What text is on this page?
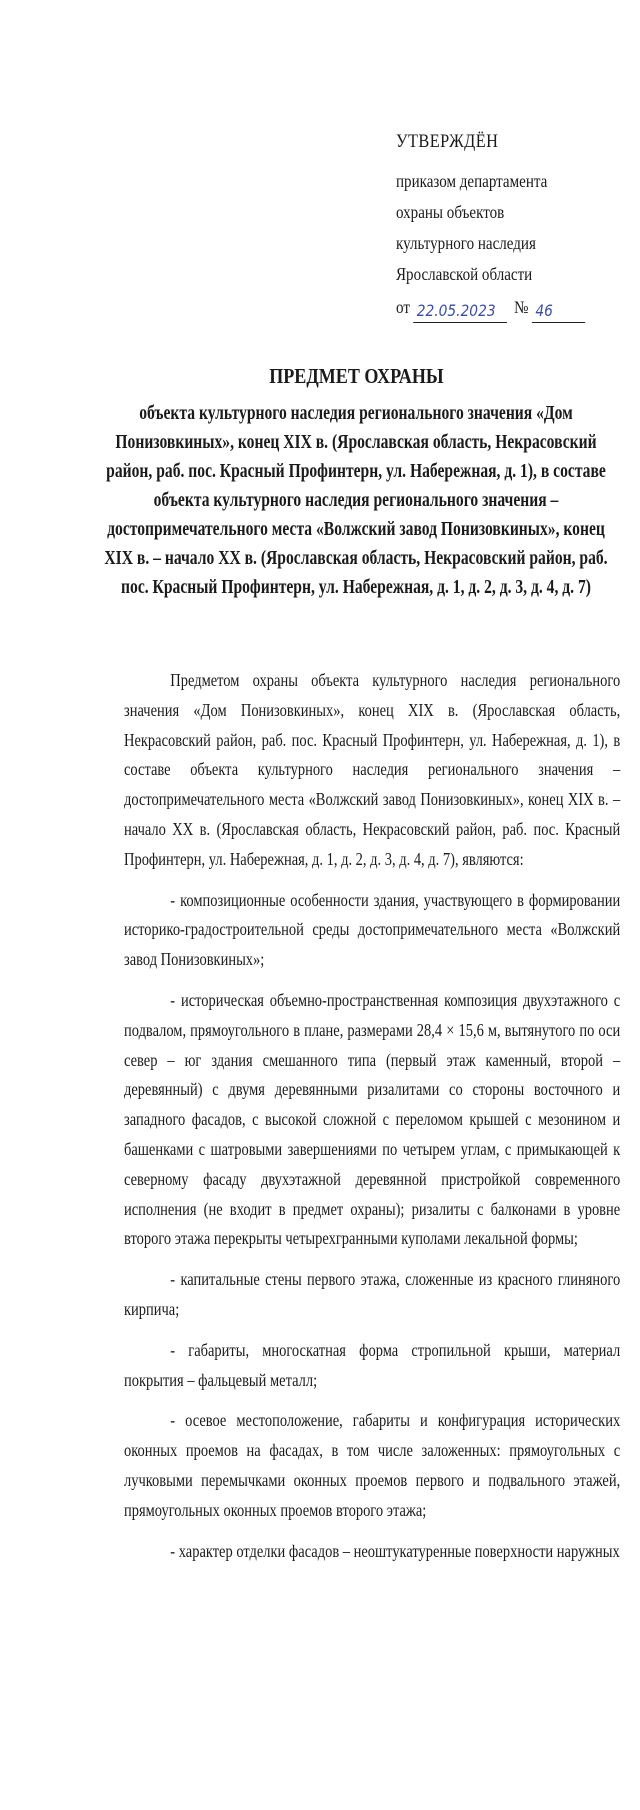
УТВЕРЖДЁН
приказом департамента
охраны объектов
культурного наследия
Ярославской области
от 22.05.2023	№ 46
ПРЕДМЕТ ОХРАНЫ
объекта культурного наследия регионального значения «Дом Понизовкиных», конец XIX в. (Ярославская область, Некрасовский район, раб. пос. Красный Профинтерн, ул. Набережная, д. 1), в составе объекта культурного наследия регионального значения – достопримечательного места «Волжский завод Понизовкиных», конец XIX в. – начало XX в. (Ярославская область, Некрасовский район, раб. пос. Красный Профинтерн, ул. Набережная, д. 1, д. 2, д. 3, д. 4, д. 7)

Предметом охраны объекта культурного наследия регионального значения «Дом Понизовкиных», конец XIX в. (Ярославская область, Некрасовский район, раб. пос. Красный Профинтерн, ул. Набережная, д. 1), в составе объекта культурного наследия регионального значения – достопримечательного места «Волжский завод Понизовкиных», конец XIX в. – начало XX в. (Ярославская область, Некрасовский район, раб. пос. Красный Профинтерн, ул. Набережная, д. 1, д. 2, д. 3, д. 4, д. 7), являются:

- композиционные особенности здания, участвующего в формировании историко-градостроительной среды достопримечательного места «Волжский завод Понизовкиных»;

- историческая объемно-пространственная композиция двухэтажного с подвалом, прямоугольного в плане, размерами 28,4 × 15,6 м, вытянутого по оси север – юг здания смешанного типа (первый этаж каменный, второй – деревянный) с двумя деревянными ризалитами со стороны восточного и западного фасадов, с высокой сложной с переломом крышей с мезонином и башенками с шатровыми завершениями по четырем углам, с примыкающей к северному фасаду двухэтажной деревянной пристройкой современного исполнения (не входит в предмет охраны); ризалиты с балконами в уровне второго этажа перекрыты четырехгранными куполами лекальной формы;

- капитальные стены первого этажа, сложенные из красного глиняного кирпича;

- габариты, многоскатная форма стропильной крыши, материал покрытия – фальцевый металл;

- осевое местоположение, габариты и конфигурация исторических оконных проемов на фасадах, в том числе заложенных: прямоугольных с лучковыми перемычками оконных проемов первого и подвального этажей, прямоугольных оконных проемов второго этажа;

- характер отделки фасадов – неоштукатуренные поверхности наружных
